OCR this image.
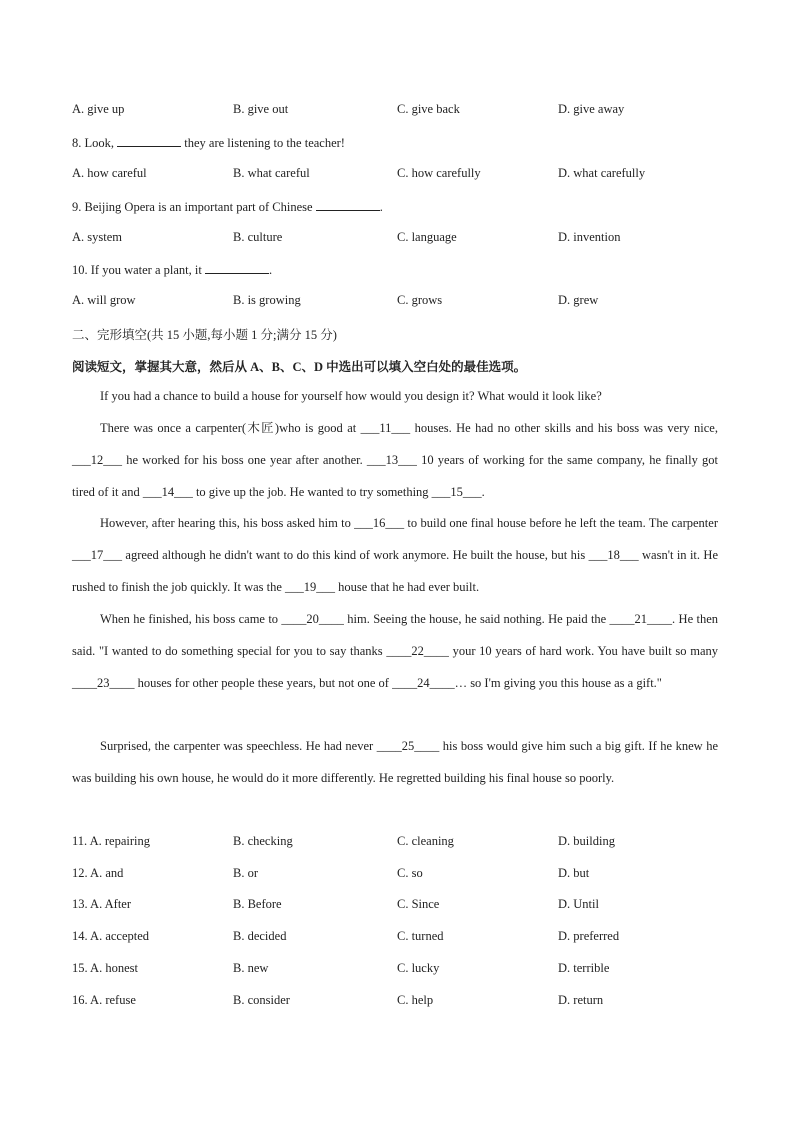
A. give up	B. give out	C. give back	D. give away
8. Look,	they are listening to the teacher!
A. how careful	B. what careful	C. how carefully	D. what carefully
9. Beijing Opera is an important part of Chinese	.
A. system	B. culture	C. language	D. invention
10. If you water a plant, it	.
A. will grow	B. is growing	C. grows	D. grew
二、完形填空(共 15 小题,每小题 1 分;满分 15 分)
阅读短文，掌握其大意，然后从 A、B、C、D 中选出可以填入空白处的最佳选项。
If you had a chance to build a house for yourself how would you design it? What would it look like?
There was once a carpenter(木匠)who is good at ___11___ houses. He had no other skills and his boss was very nice, ___12___ he worked for his boss one year after another. ___13___ 10 years of working for the same company, he finally got tired of it and ___14___ to give up the job. He wanted to try something ___15___.
However, after hearing this, his boss asked him to ___16___ to build one final house before he left the team. The carpenter ___17___ agreed although he didn't want to do this kind of work anymore. He built the house, but his ___18___ wasn't in it. He rushed to finish the job quickly. It was the ___19___ house that he had ever built.
When he finished, his boss came to ____20____ him. Seeing the house, he said nothing. He paid the ____21____. He then said. "I wanted to do something special for you to say thanks ____22____ your 10 years of hard work. You have built so many ____23____ houses for other people these years, but not one of ____24____… so I'm giving you this house as a gift."
Surprised, the carpenter was speechless. He had never ____25____ his boss would give him such a big gift. If he knew he was building his own house, he would do it more differently. He regretted building his final house so poorly.
11. A. repairing	B. checking	C. cleaning	D. building
12. A. and	B. or	C. so	D. but
13. A. After	B. Before	C. Since	D. Until
14. A. accepted	B. decided	C. turned	D. preferred
15. A. honest	B. new	C. lucky	D. terrible
16. A. refuse	B. consider	C. help	D. return
